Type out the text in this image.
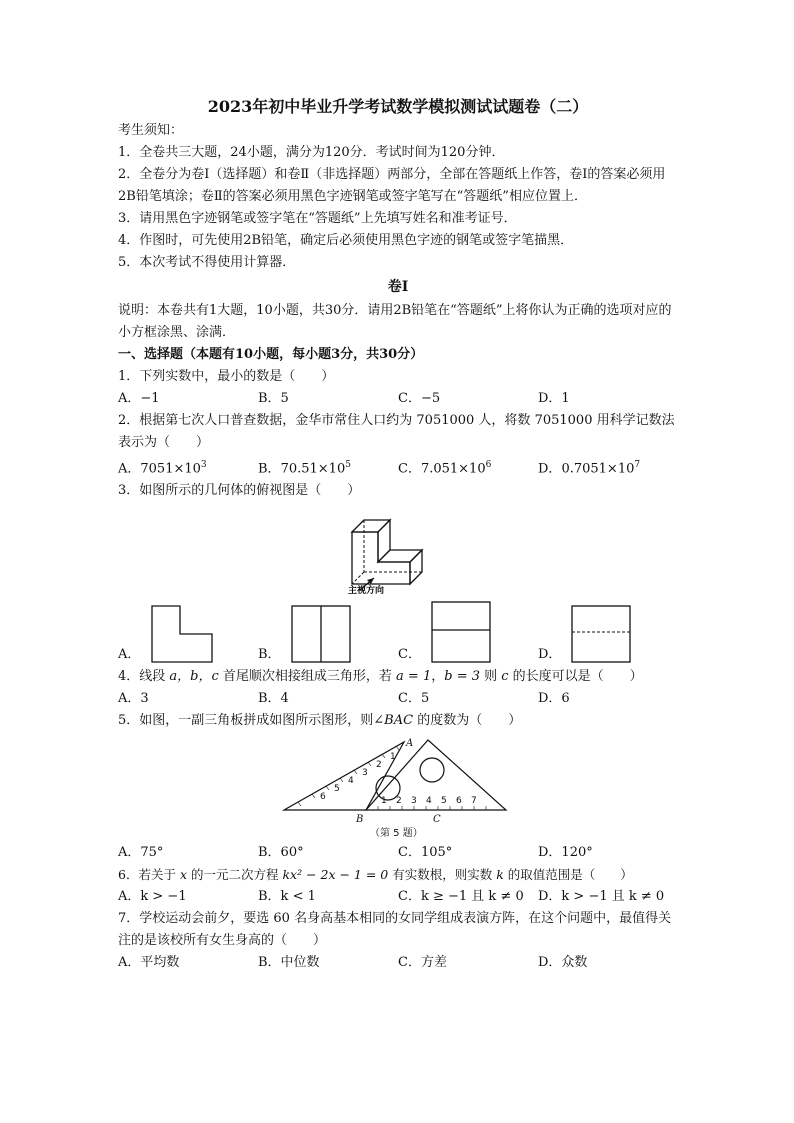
2023年初中毕业升学考试数学模拟测试试题卷（二）
考生须知：
1．全卷共三大题，24小题，满分为120分．考试时间为120分钟．
2．全卷分为卷Ⅰ（选择题）和卷Ⅱ（非选择题）两部分，全部在答题纸上作答，卷Ⅰ的答案必须用2B铅笔填涂；卷Ⅱ的答案必须用黑色字迹钢笔或签字笔写在“答题纸”相应位置上．
3．请用黑色字迹钢笔或签字笔在“答题纸”上先填写姓名和准考证号．
4．作图时，可先使用2B铅笔，确定后必须使用黑色字迹的钢笔或签字笔描黑．
5．本次考试不得使用计算器．
卷Ⅰ
说明：本卷共有1大题，10小题，共30分．请用2B铅笔在“答题纸”上将你认为正确的选项对应的小方框涂黑、涂满．
一、选择题（本题有10小题，每小题3分，共30分）
1．下列实数中，最小的数是（　　）
A．−1	B．5	C．−5	D．1
2．根据第七次人口普查数据，金华市常住人口约为 7051000 人，将数 7051000 用科学记数法表示为（　　）
A．$7051\times 10^3$	B．$70.51\times 10^5$	C．$7.051\times 10^6$	D．$0.7051\times 10^7$
3．如图所示的几何体的俯视图是（　　）
主视方向
A．	B．	C．	D．
4．线段 a，b，c 首尾顺次相接组成三角形，若 a = 1，b = 3 则 c 的长度可以是（　　）
A．3	B．4	C．5	D．6
5．如图，一副三角板拼成如图所示图形，则∠BAC 的度数为（　　）
1
2
3
4
5
6	1 2 3 4 5 6 7
A
B	C
（第 5 题）
A．75°	B．60°	C．105°	D．120°
6．若关于 x 的一元二次方程 kx² − 2x − 1 = 0 有实数根，则实数 k 的取值范围是（　　）
A．k > −1	B．k < 1	C．k ≥ −1 且 k ≠ 0	D．k > −1 且 k ≠ 0
7．学校运动会前夕，要选 60 名身高基本相同的女同学组成表演方阵，在这个问题中，最值得关注的是该校所有女生身高的（　　）
A．平均数	B．中位数	C．方差	D．众数
